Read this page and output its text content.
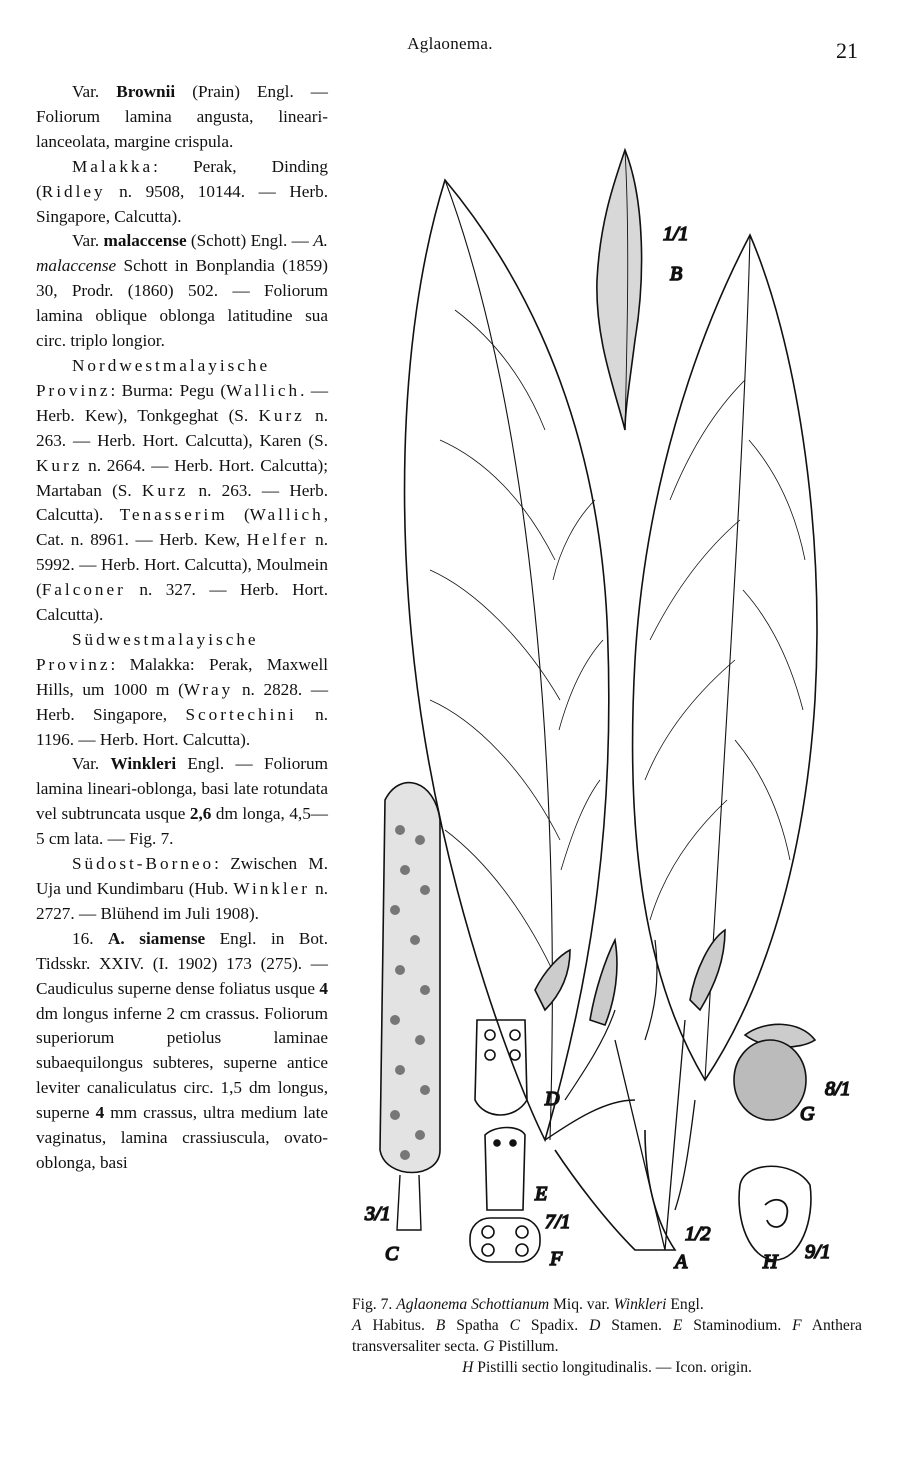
Aglaonema.	21

Var. Brownii (Prain) Engl. — Foliorum lamina angusta, lineari-lanceolata, margine crispula.

Malakka: Perak, Dinding (Ridley n. 9508, 10144. — Herb. Singapore, Calcutta).

Var. malaccense (Schott) Engl. — A. malaccense Schott in Bonplandia (1859) 30, Prodr. (1860) 502. — Foliorum lamina oblique oblonga latitudine sua circ. triplo longior.

Nordwestmalayische Provinz: Burma: Pegu (Wallich. — Herb. Kew), Tonkgeghat (S. Kurz n. 263. — Herb. Hort. Calcutta), Karen (S. Kurz n. 2664. — Herb. Hort. Calcutta); Martaban (S. Kurz n. 263. — Herb. Calcutta). Tenasserim (Wallich, Cat. n. 8961. — Herb. Kew, Helfer n. 5992. — Herb. Hort. Calcutta), Moulmein (Falconer n. 327. — Herb. Hort. Calcutta).

Südwestmalayische Provinz: Malakka: Perak, Maxwell Hills, um 1000 m (Wray n. 2828. — Herb. Singapore, Scortechini n. 1196. — Herb. Hort. Calcutta).

Var. Winkleri Engl. — Foliorum lamina lineari-oblonga, basi late rotundata vel subtruncata usque 2,6 dm longa, 4,5—5 cm lata. — Fig. 7.

Südost-Borneo: Zwischen M. Uja und Kundimbaru (Hub. Winkler n. 2727. — Blühend im Juli 1908).

16. A. siamense Engl. in Bot. Tidsskr. XXIV. (I. 1902) 173 (275). — Caudiculus superne dense foliatus usque 4 dm longus inferne 2 cm crassus. Foliorum superiorum petiolus laminae subaequilongus subteres, superne antice leviter canaliculatus circ. 1,5 dm longus, superne 4 mm crassus, ultra medium late vaginatus, lamina crassiuscula, ovato-oblonga, basi

B
1/1
D
E
7/1
F	A
1/2
G
8/1
H 9/1
C
3/1

Fig. 7. Aglaonema Schottianum Miq. var. Winkleri Engl.

A Habitus. B Spatha C Spadix. D Stamen. E Staminodium. F Anthera transversaliter secta. G Pistillum.

H Pistilli sectio longitudinalis. — Icon. origin.
